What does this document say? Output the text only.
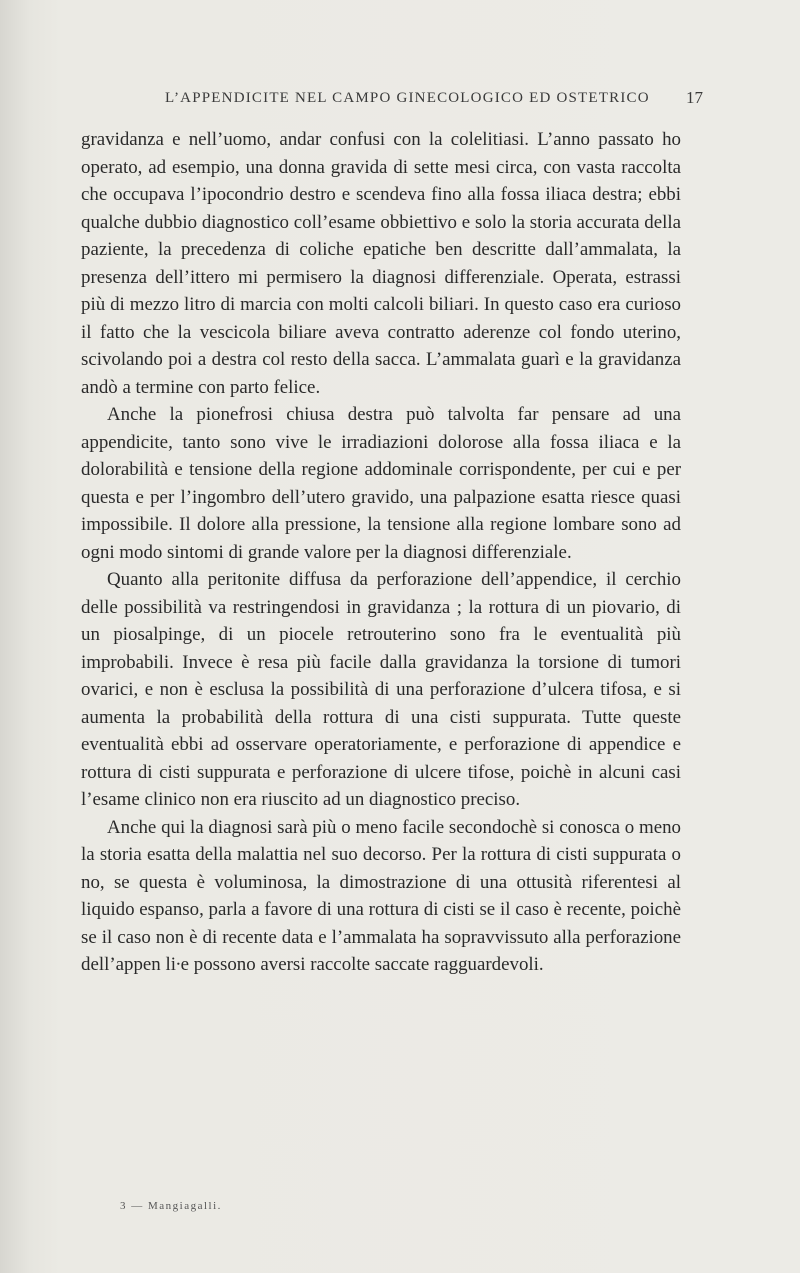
L’APPENDICITE NEL CAMPO GINECOLOGICO ED OSTETRICO	17

gravidanza e nell’uomo, andar confusi con la colelitiasi. L’anno passato ho operato, ad esempio, una donna gravida di sette mesi circa, con vasta raccolta che occupava l’ipocondrio destro e scendeva fino alla fossa iliaca destra; ebbi qualche dubbio diagnostico coll’esame obbiettivo e solo la storia accurata della paziente, la precedenza di coliche epatiche ben descritte dall’ammalata, la presenza dell’ittero mi permisero la diagnosi differenziale. Operata, estrassi più di mezzo litro di marcia con molti calcoli biliari. In questo caso era curioso il fatto che la vescicola biliare aveva contratto aderenze col fondo uterino, scivolando poi a destra col resto della sacca. L’ammalata guarì e la gravidanza andò a termine con parto felice.

Anche la pionefrosi chiusa destra può talvolta far pensare ad una appendicite, tanto sono vive le irradiazioni dolorose alla fossa iliaca e la dolorabilità e tensione della regione addominale corrispondente, per cui e per questa e per l’ingombro dell’utero gravido, una palpazione esatta riesce quasi impossibile. Il dolore alla pressione, la tensione alla regione lombare sono ad ogni modo sintomi di grande valore per la diagnosi differenziale.

Quanto alla peritonite diffusa da perforazione dell’appendice, il cerchio delle possibilità va restringendosi in gravidanza ; la rottura di un piovario, di un piosalpinge, di un piocele retrouterino sono fra le eventualità più improbabili. Invece è resa più facile dalla gravidanza la torsione di tumori ovarici, e non è esclusa la possibilità di una perforazione d’ulcera tifosa, e si aumenta la probabilità della rottura di una cisti suppurata. Tutte queste eventualità ebbi ad osservare operatoriamente, e perforazione di appendice e rottura di cisti suppurata e perforazione di ulcere tifose, poichè in alcuni casi l’esame clinico non era riuscito ad un diagnostico preciso.

Anche qui la diagnosi sarà più o meno facile secondochè si conosca o meno la storia esatta della malattia nel suo decorso. Per la rottura di cisti suppurata o no, se questa è voluminosa, la dimostrazione di una ottusità riferentesi al liquido espanso, parla a favore di una rottura di cisti se il caso è recente, poichè se il caso non è di recente data e l’ammalata ha sopravvissuto alla perforazione dell’appen li∙e possono aversi raccolte saccate ragguardevoli.

3 — Mangiagalli.
